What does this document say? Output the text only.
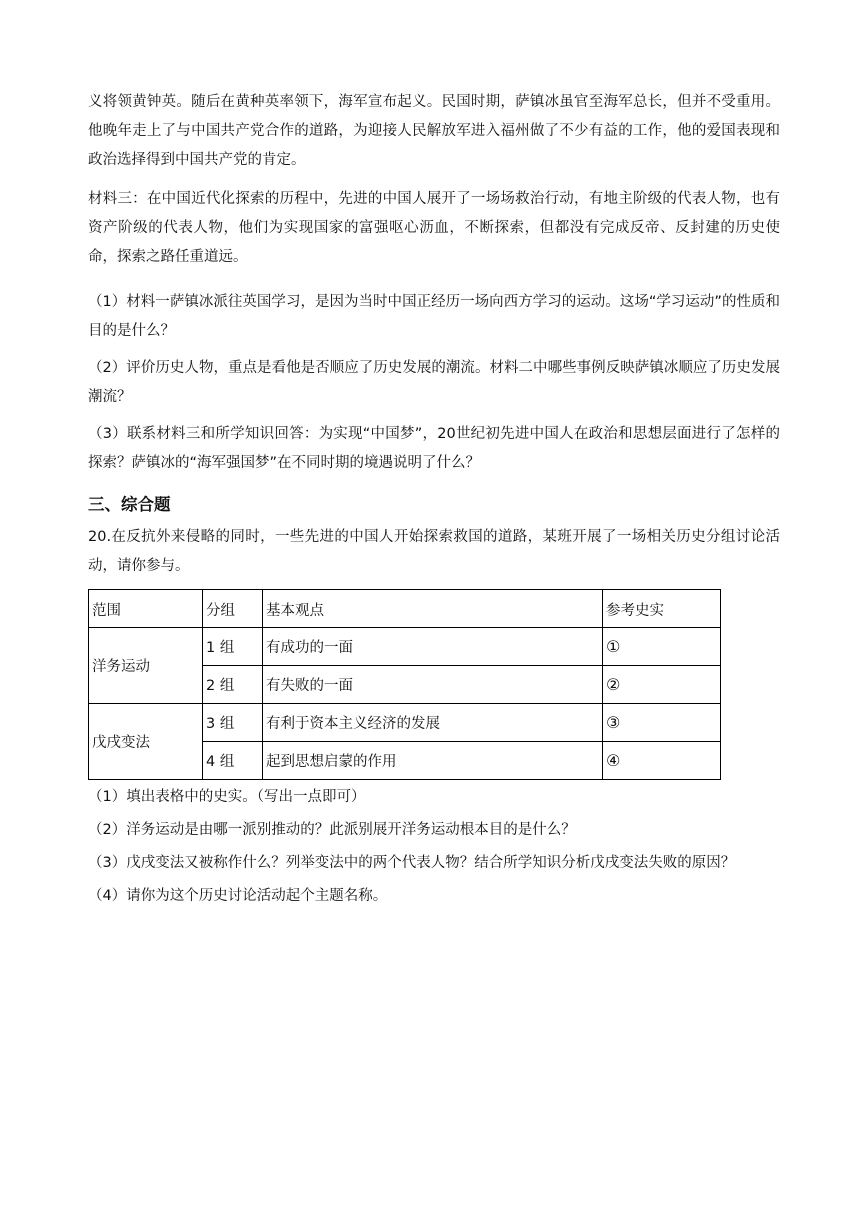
义将领黄钟英。随后在黄种英率领下，海军宣布起义。民国时期，萨镇冰虽官至海军总长，但并不受重用。他晚年走上了与中国共产党合作的道路，为迎接人民解放军进入福州做了不少有益的工作，他的爱国表现和政治选择得到中国共产党的肯定。

材料三：在中国近代化探索的历程中，先进的中国人展开了一场场救治行动，有地主阶级的代表人物，也有资产阶级的代表人物，他们为实现国家的富强呕心沥血，不断探索，但都没有完成反帝、反封建的历史使命，探索之路任重道远。

（1）材料一萨镇冰派往英国学习，是因为当时中国正经历一场向西方学习的运动。这场“学习运动”的性质和目的是什么？

（2）评价历史人物，重点是看他是否顺应了历史发展的潮流。材料二中哪些事例反映萨镇冰顺应了历史发展潮流？

（3）联系材料三和所学知识回答：为实现“中国梦”，20世纪初先进中国人在政治和思想层面进行了怎样的探索？萨镇冰的“海军强国梦”在不同时期的境遇说明了什么？

三、综合题

20.在反抗外来侵略的同时，一些先进的中国人开始探索救国的道路，某班开展了一场相关历史分组讨论活动，请你参与。

范围	分组	基本观点	参考史实
洋务运动	1 组	有成功的一面	①
	2 组	有失败的一面	②
戊戌变法	3 组	有利于资本主义经济的发展	③
	4 组	起到思想启蒙的作用	④

（1）填出表格中的史实。（写出一点即可）

（2）洋务运动是由哪一派别推动的？此派别展开洋务运动根本目的是什么？

（3）戊戌变法又被称作什么？列举变法中的两个代表人物？结合所学知识分析戊戌变法失败的原因？

（4）请你为这个历史讨论活动起个主题名称。
